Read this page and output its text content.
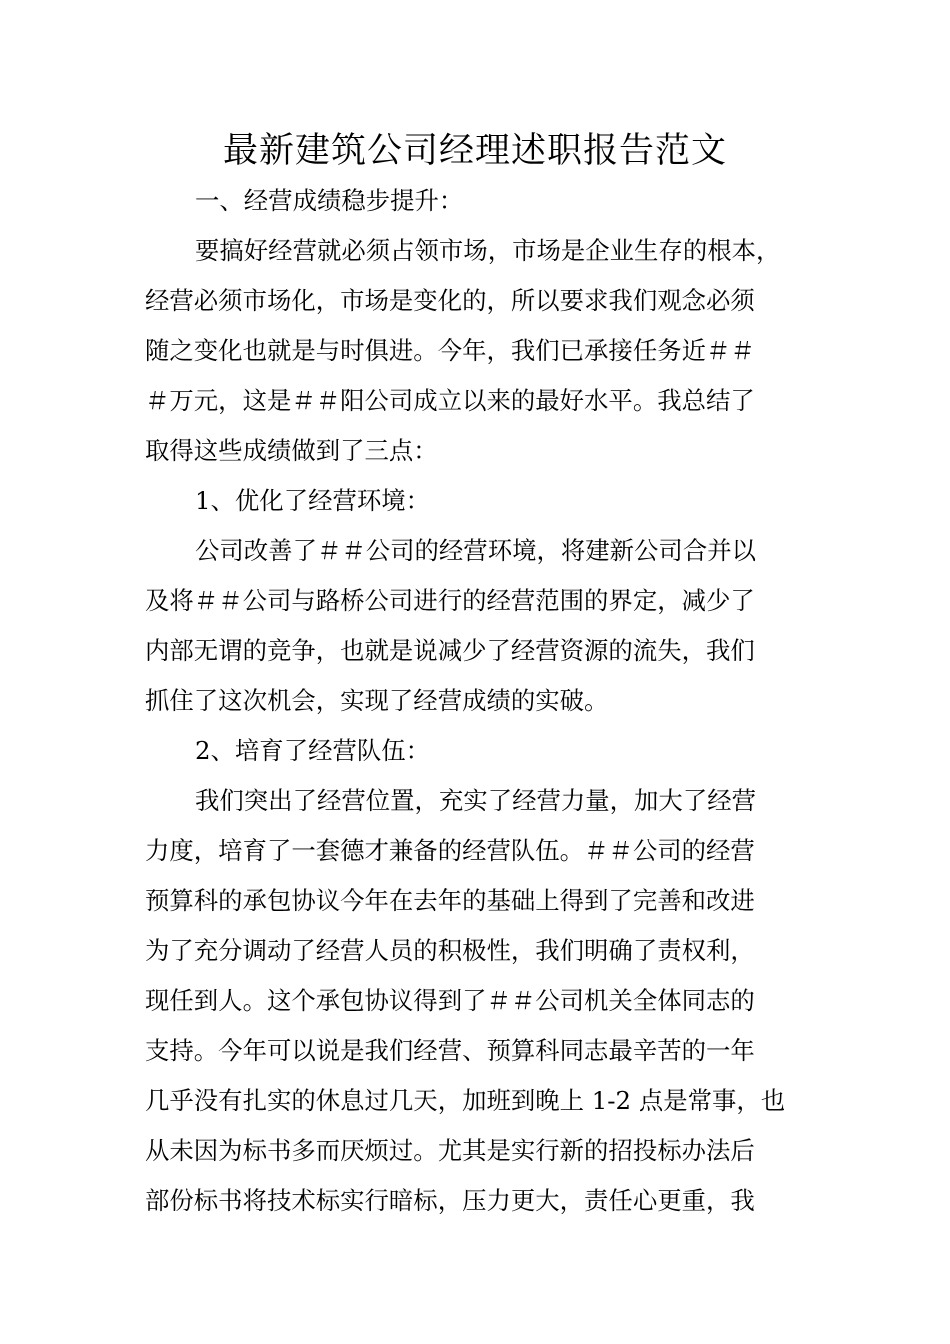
最新建筑公司经理述职报告范文
一、经营成绩稳步提升：
要搞好经营就必须占领市场，市场是企业生存的根本，
经营必须市场化，市场是变化的，所以要求我们观念必须
随之变化也就是与时俱进。今年，我们已承接任务近＃＃
＃万元，这是＃＃阳公司成立以来的最好水平。我总结了
取得这些成绩做到了三点：
1、优化了经营环境：
公司改善了＃＃公司的经营环境，将建新公司合并以
及将＃＃公司与路桥公司进行的经营范围的界定，减少了
内部无谓的竞争，也就是说减少了经营资源的流失，我们
抓住了这次机会，实现了经营成绩的实破。
2、培育了经营队伍：
我们突出了经营位置，充实了经营力量，加大了经营
力度，培育了一套德才兼备的经营队伍。＃＃公司的经营
预算科的承包协议今年在去年的基础上得到了完善和改进
为了充分调动了经营人员的积极性，我们明确了责权利，
现任到人。这个承包协议得到了＃＃公司机关全体同志的
支持。今年可以说是我们经营、预算科同志最辛苦的一年
几乎没有扎实的休息过几天，加班到晚上 1-2 点是常事，也
从未因为标书多而厌烦过。尤其是实行新的招投标办法后
部份标书将技术标实行暗标，压力更大，责任心更重，我
